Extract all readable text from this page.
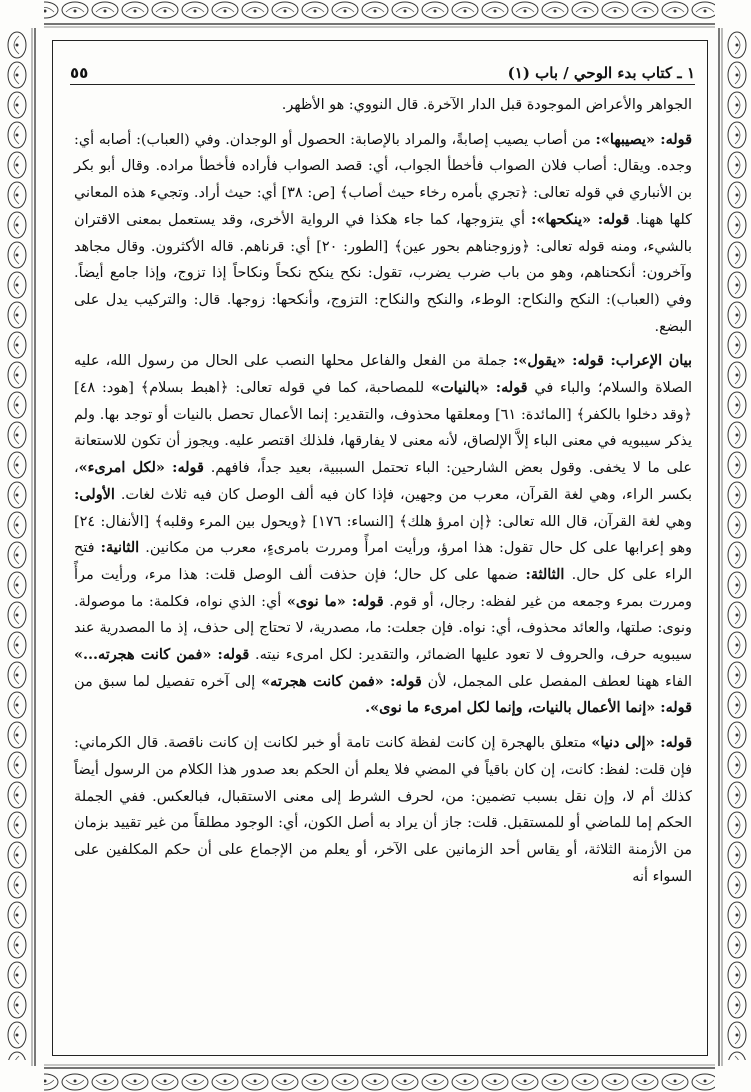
٥٥	١ ـ كتاب بدء الوحي / باب (١)

الجواهر والأعراض الموجودة قبل الدار الآخرة. قال النووي: هو الأظهر.

قوله: «يصيبها»: من أصاب يصيب إصابةً، والمراد بالإصابة: الحصول أو الوجدان. وفي (العباب): أصابه أي: وجده. ويقال: أصاب فلان الصواب فأخطأ الجواب، أي: قصد الصواب فأراده فأخطأ مراده. وقال أبو بكر بن الأنباري في قوله تعالى: ﴿تجري بأمره رخاء حيث أصاب﴾ [ص: ٣٨] أي: حيث أراد. وتجيء هذه المعاني كلها ههنا. قوله: «ينكحها»: أي يتزوجها، كما جاء هكذا في الرواية الأخرى، وقد يستعمل بمعنى الاقتران بالشيء، ومنه قوله تعالى: ﴿وزوجناهم بحور عين﴾ [الطور: ٢٠] أي: قرناهم. قاله الأكثرون. وقال مجاهد وآخرون: أنكحناهم، وهو من باب ضرب يضرب، تقول: نكح ينكح نكحاً ونكاحاً إذا تزوج، وإذا جامع أيضاً. وفي (العباب): النكح والنكاح: الوطء، والنكح والنكاح: التزوج، وأنكحها: زوجها. قال: والتركيب يدل على البضع.

بيان الإعراب: قوله: «يقول»: جملة من الفعل والفاعل محلها النصب على الحال من رسول الله، عليه الصلاة والسلام؛ والباء في قوله: «بالنيات» للمصاحبة، كما في قوله تعالى: ﴿اهبط بسلام﴾ [هود: ٤٨] ﴿وقد دخلوا بالكفر﴾ [المائدة: ٦١] ومعلقها محذوف، والتقدير: إنما الأعمال تحصل بالنيات أو توجد بها. ولم يذكر سيبويه في معنى الباء إلاَّ الإلصاق، لأنه معنى لا يفارقها، فلذلك اقتصر عليه. ويجوز أن تكون للاستعانة على ما لا يخفى. وقول بعض الشارحين: الباء تحتمل السببية، بعيد جداً، فافهم. قوله: «لكل امرىء»، بكسر الراء، وهي لغة القرآن، معرب من وجهين، فإذا كان فيه ألف الوصل كان فيه ثلاث لغات. الأولى: وهي لغة القرآن، قال الله تعالى: ﴿إن امرؤ هلك﴾ [النساء: ١٧٦] ﴿ويحول بين المرء وقلبه﴾ [الأنفال: ٢٤] وهو إعرابها على كل حال تقول: هذا امرؤ، ورأيت امرأً ومررت بامرىءٍ، معرب من مكانين. الثانية: فتح الراء على كل حال. الثالثة: ضمها على كل حال؛ فإن حذفت ألف الوصل قلت: هذا مرء، ورأيت مرأً ومررت بمرء وجمعه من غير لفظه: رجال، أو قوم. قوله: «ما نوى» أي: الذي نواه، فكلمة: ما موصولة. ونوى: صلتها، والعائد محذوف، أي: نواه. فإن جعلت: ما، مصدرية، لا تحتاج إلى حذف، إذ ما المصدرية عند سيبويه حرف، والحروف لا تعود عليها الضمائر، والتقدير: لكل امرىء نيته. قوله: «فمن كانت هجرته...» الفاء ههنا لعطف المفصل على المجمل، لأن قوله: «فمن كانت هجرته» إلى آخره تفصيل لما سبق من قوله: «إنما الأعمال بالنيات، وإنما لكل امرىء ما نوى».

قوله: «إلى دنيا» متعلق بالهجرة إن كانت لفظة كانت تامة أو خبر لكانت إن كانت ناقصة. قال الكرماني: فإن قلت: لفظ: كانت، إن كان باقياً في المضي فلا يعلم أن الحكم بعد صدور هذا الكلام من الرسول أيضاً كذلك أم لا، وإن نقل بسبب تضمين: من، لحرف الشرط إلى معنى الاستقبال، فبالعكس. ففي الجملة الحكم إما للماضي أو للمستقبل. قلت: جاز أن يراد به أصل الكون، أي: الوجود مطلقاً من غير تقييد بزمان من الأزمنة الثلاثة، أو يقاس أحد الزمانين على الآخر، أو يعلم من الإجماع على أن حكم المكلفين على السواء أنه
